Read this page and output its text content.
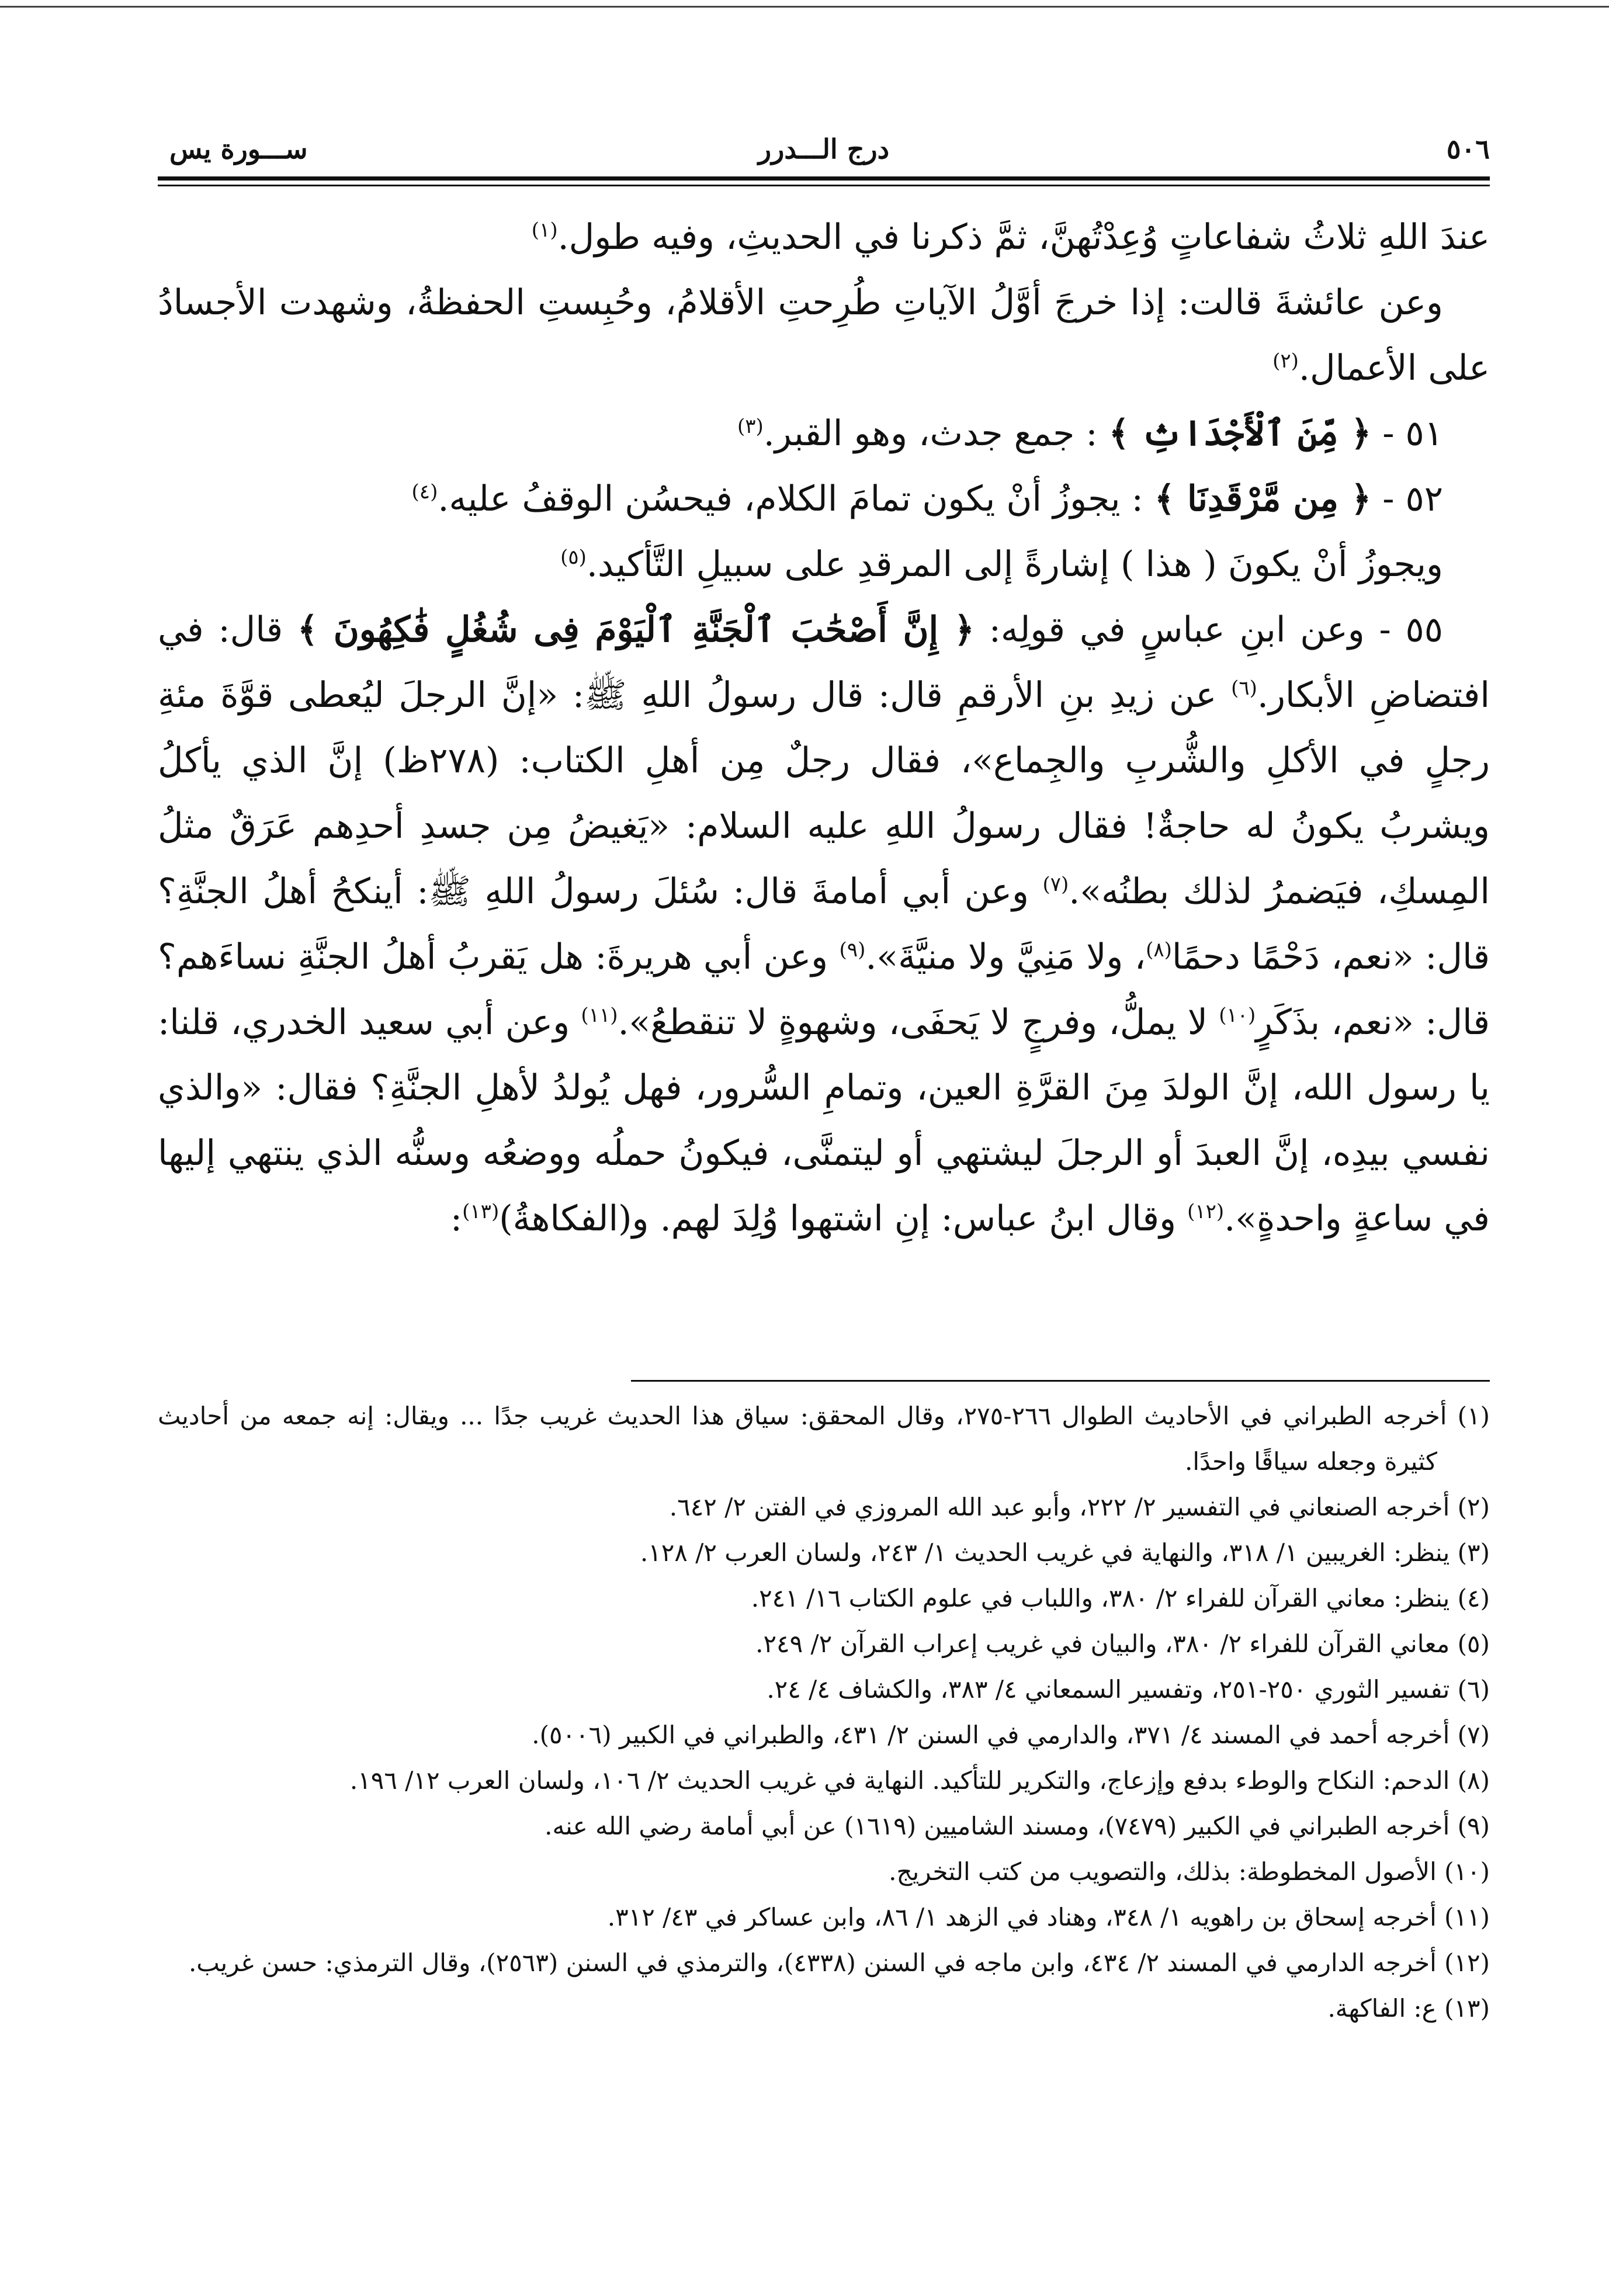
٥٠٦
درج الـــدرر
ســـورة يس

عندَ اللهِ ثلاثُ شفاعاتٍ وُعِدْتُهنَّ، ثمَّ ذكرنا في الحديثِ، وفيه طول.$^{(١)}$

وعن عائشةَ قالت: إذا خرجَ أوَّلُ الآياتِ طُرِحتِ الأقلامُ، وحُبِستِ الحفظةُ، وشهدت الأجسادُ على الأعمال.$^{(٢)}$

٥١ - ﴿ مِّنَ ٱلْأَجْدَاثِ ﴾ : جمع جدث، وهو القبر.$^{(٣)}$

٥٢ - ﴿ مِن مَّرْقَدِنَا ﴾ : يجوزُ أنْ يكون تمامَ الكلام، فيحسُن الوقفُ عليه.$^{(٤)}$

ويجوزُ أنْ يكونَ ( هذا ) إشارةً إلى المرقدِ على سبيلِ التَّأكيد.$^{(٥)}$

٥٥ - وعن ابنِ عباسٍ في قولِه: ﴿ إِنَّ أَصْحَٰبَ ٱلْجَنَّةِ ٱلْيَوْمَ فِى شُغُلٍ فَٰكِهُونَ ﴾ قال: في افتضاضِ الأبكار.$^{(٦)}$ عن زيدِ بنِ الأرقمِ قال: قال رسولُ اللهِ ﷺ: «إنَّ الرجلَ ليُعطى قوَّةَ مئةِ رجلٍ في الأكلِ والشُّربِ والجِماع»، فقال رجلٌ مِن أهلِ الكتاب: (٢٧٨ظ) إنَّ الذي يأكلُ ويشربُ يكونُ له حاجةٌ! فقال رسولُ اللهِ عليه السلام: «يَغيضُ مِن جسدِ أحدِهم عَرَقٌ مثلُ المِسكِ، فيَضمرُ لذلك بطنُه».$^{(٧)}$ وعن أبي أمامةَ قال: سُئلَ رسولُ اللهِ ﷺ: أينكحُ أهلُ الجنَّةِ؟ قال: «نعم، دَحْمًا دحمًا$^{(٨)}$، ولا مَنِيَّ ولا منيَّةَ».$^{(٩)}$ وعن أبي هريرةَ: هل يَقربُ أهلُ الجنَّةِ نساءَهم؟ قال: «نعم، بذَكَرٍ$^{(١٠)}$ لا يملُّ، وفرجٍ لا يَحفَى، وشهوةٍ لا تنقطعُ».$^{(١١)}$ وعن أبي سعيد الخدري، قلنا: يا رسول الله، إنَّ الولدَ مِنَ القرَّةِ العين، وتمامِ السُّرور، فهل يُولدُ لأهلِ الجنَّةِ؟ فقال: «والذي نفسي بيدِه، إنَّ العبدَ أو الرجلَ ليشتهي أو ليتمنَّى، فيكونُ حملُه ووضعُه وسنُّه الذي ينتهي إليها في ساعةٍ واحدةٍ».$^{(١٢)}$ وقال ابنُ عباس: إنِ اشتهوا وُلِدَ لهم. و(الفكاهةُ)$^{(١٣)}$:

(١) أخرجه الطبراني في الأحاديث الطوال ٢٦٦-٢٧٥، وقال المحقق: سياق هذا الحديث غريب جدًا ... ويقال: إنه جمعه من أحاديث كثيرة وجعله سياقًا واحدًا.

(٢) أخرجه الصنعاني في التفسير ٢/ ٢٢٢، وأبو عبد الله المروزي في الفتن ٢/ ٦٤٢.

(٣) ينظر: الغريبين ١/ ٣١٨، والنهاية في غريب الحديث ١/ ٢٤٣، ولسان العرب ٢/ ١٢٨.

(٤) ينظر: معاني القرآن للفراء ٢/ ٣٨٠، واللباب في علوم الكتاب ١٦/ ٢٤١.

(٥) معاني القرآن للفراء ٢/ ٣٨٠، والبيان في غريب إعراب القرآن ٢/ ٢٤٩.

(٦) تفسير الثوري ٢٥٠-٢٥١، وتفسير السمعاني ٤/ ٣٨٣، والكشاف ٤/ ٢٤.

(٧) أخرجه أحمد في المسند ٤/ ٣٧١، والدارمي في السنن ٢/ ٤٣١، والطبراني في الكبير (٥٠٠٦).

(٨) الدحم: النكاح والوطء بدفع وإزعاج، والتكرير للتأكيد. النهاية في غريب الحديث ٢/ ١٠٦، ولسان العرب ١٢/ ١٩٦.

(٩) أخرجه الطبراني في الكبير (٧٤٧٩)، ومسند الشاميين (١٦١٩) عن أبي أمامة رضي الله عنه.

(١٠) الأصول المخطوطة: بذلك، والتصويب من كتب التخريج.

(١١) أخرجه إسحاق بن راهويه ١/ ٣٤٨، وهناد في الزهد ١/ ٨٦، وابن عساكر في ٤٣/ ٣١٢.

(١٢) أخرجه الدارمي في المسند ٢/ ٤٣٤، وابن ماجه في السنن (٤٣٣٨)، والترمذي في السنن (٢٥٦٣)، وقال الترمذي: حسن غريب.

(١٣) ع: الفاكهة.
